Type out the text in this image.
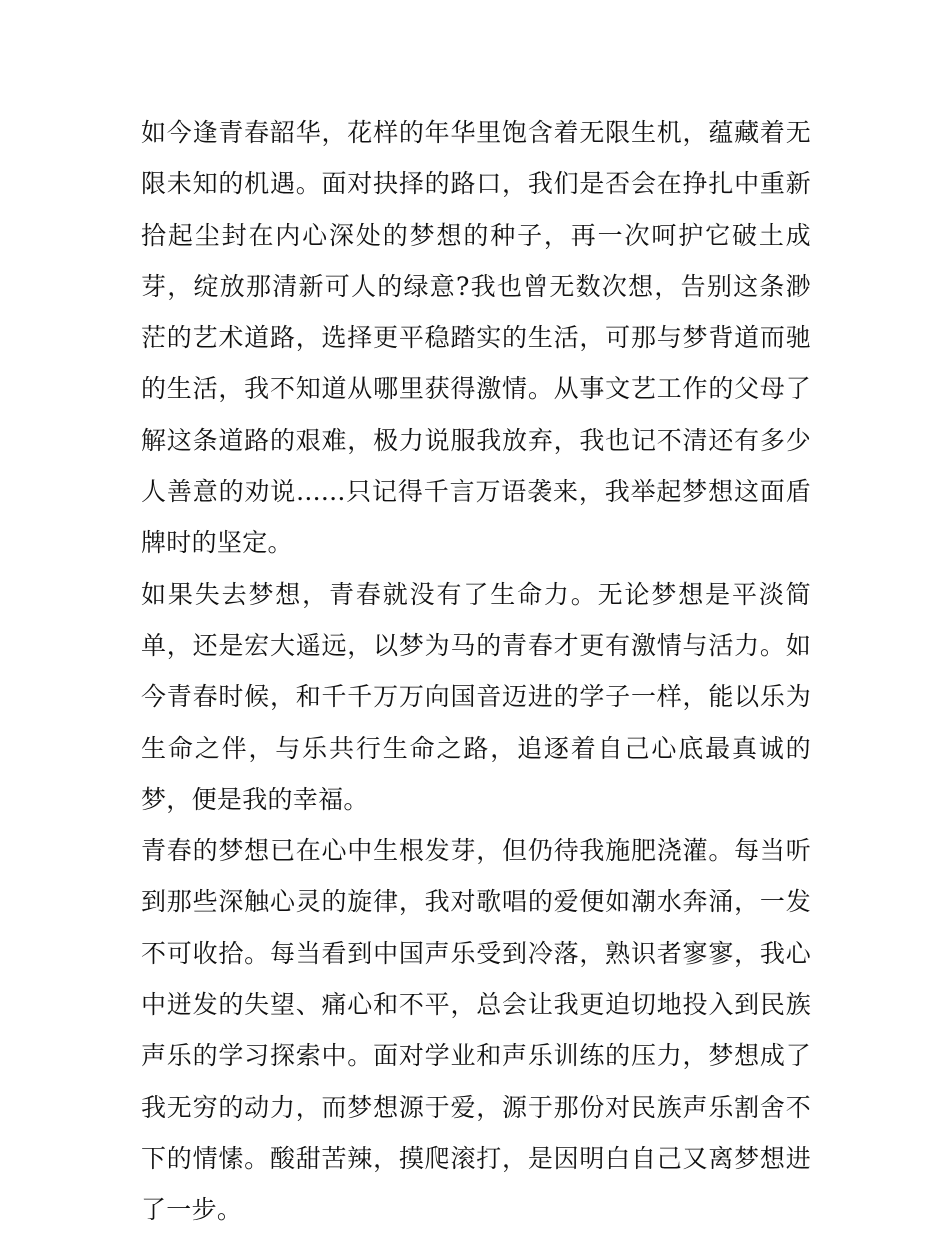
如今逢青春韶华，花样的年华里饱含着无限生机，蕴藏着无限未知的机遇。面对抉择的路口，我们是否会在挣扎中重新拾起尘封在内心深处的梦想的种子，再一次呵护它破土成芽，绽放那清新可人的绿意?我也曾无数次想，告别这条渺茫的艺术道路，选择更平稳踏实的生活，可那与梦背道而驰的生活，我不知道从哪里获得激情。从事文艺工作的父母了解这条道路的艰难，极力说服我放弃，我也记不清还有多少人善意的劝说......只记得千言万语袭来，我举起梦想这面盾牌时的坚定。

如果失去梦想，青春就没有了生命力。无论梦想是平淡简单，还是宏大遥远，以梦为马的青春才更有激情与活力。如今青春时候，和千千万万向国音迈进的学子一样，能以乐为生命之伴，与乐共行生命之路，追逐着自己心底最真诚的梦，便是我的幸福。

青春的梦想已在心中生根发芽，但仍待我施肥浇灌。每当听到那些深触心灵的旋律，我对歌唱的爱便如潮水奔涌，一发不可收拾。每当看到中国声乐受到冷落，熟识者寥寥，我心中迸发的失望、痛心和不平，总会让我更迫切地投入到民族声乐的学习探索中。面对学业和声乐训练的压力，梦想成了我无穷的动力，而梦想源于爱，源于那份对民族声乐割舍不下的情愫。酸甜苦辣，摸爬滚打，是因明白自己又离梦想进了一步。
